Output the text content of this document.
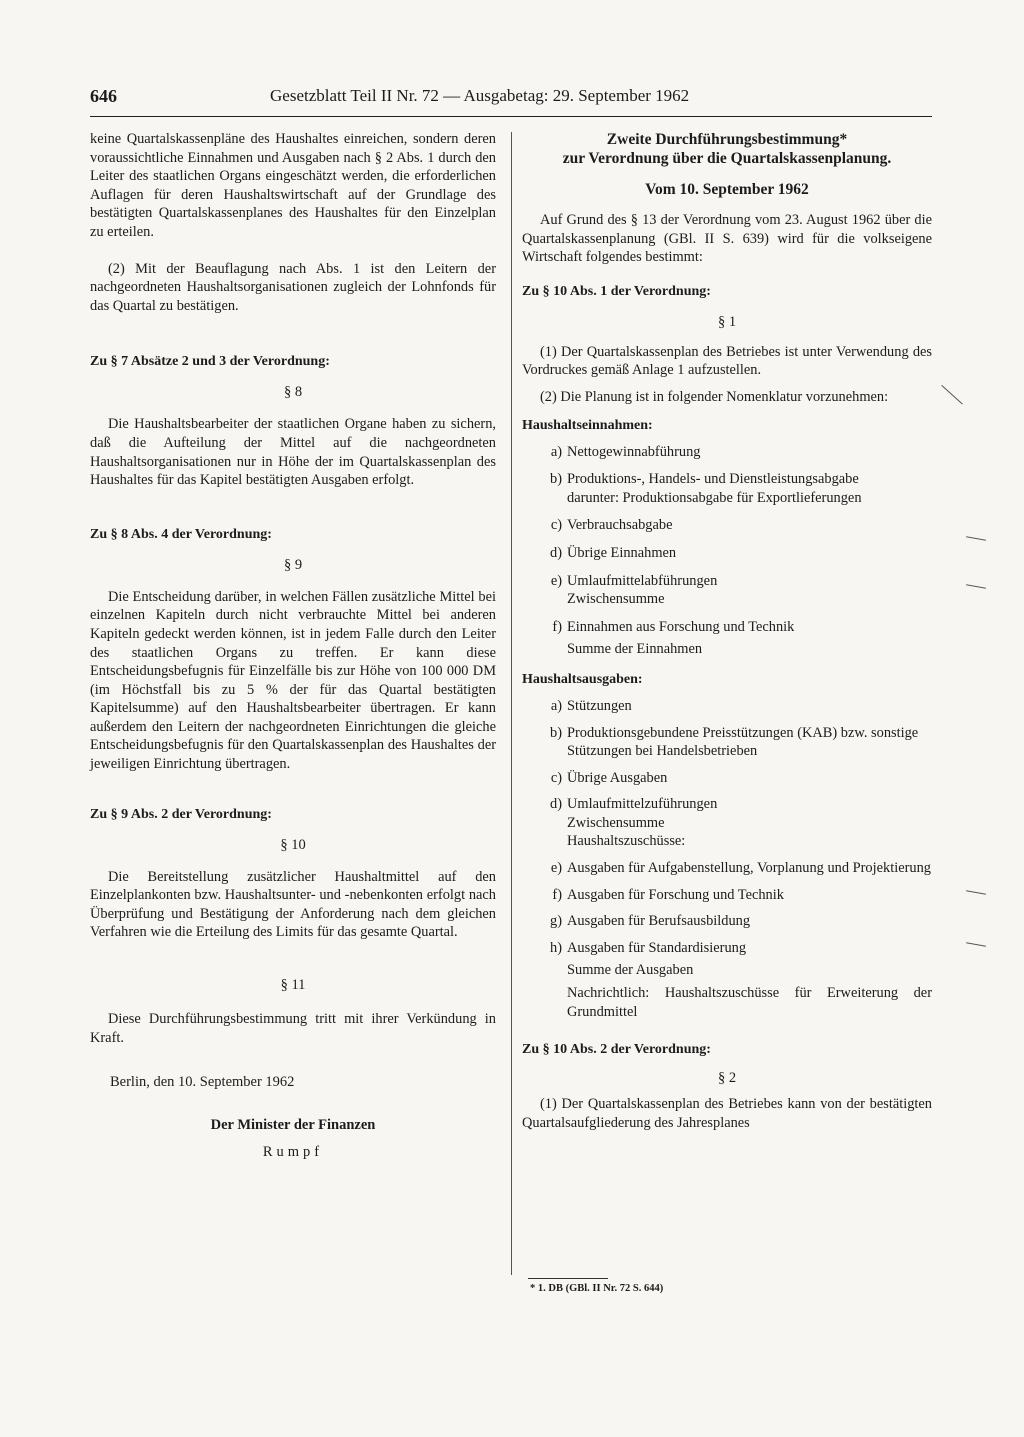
646	Gesetzblatt Teil II Nr. 72 — Ausgabetag: 29. September 1962

keine Quartalskassenpläne des Haushaltes einreichen, sondern deren voraussichtliche Einnahmen und Ausgaben nach § 2 Abs. 1 durch den Leiter des staatlichen Organs eingeschätzt werden, die erforderlichen Auflagen für deren Haushaltswirtschaft auf der Grundlage des bestätigten Quartalskassenplanes des Haushaltes für den Einzelplan zu erteilen.

(2) Mit der Beauflagung nach Abs. 1 ist den Leitern der nachgeordneten Haushaltsorganisationen zugleich der Lohnfonds für das Quartal zu bestätigen.

Zu § 7 Absätze 2 und 3 der Verordnung:

§ 8

Die Haushaltsbearbeiter der staatlichen Organe haben zu sichern, daß die Aufteilung der Mittel auf die nachgeordneten Haushaltsorganisationen nur in Höhe der im Quartalskassenplan des Haushaltes für das Kapitel bestätigten Ausgaben erfolgt.

Zu § 8 Abs. 4 der Verordnung:

§ 9

Die Entscheidung darüber, in welchen Fällen zusätzliche Mittel bei einzelnen Kapiteln durch nicht verbrauchte Mittel bei anderen Kapiteln gedeckt werden können, ist in jedem Falle durch den Leiter des staatlichen Organs zu treffen. Er kann diese Entscheidungsbefugnis für Einzelfälle bis zur Höhe von 100 000 DM (im Höchstfall bis zu 5 % der für das Quartal bestätigten Kapitelsumme) auf den Haushaltsbearbeiter übertragen. Er kann außerdem den Leitern der nachgeordneten Einrichtungen die gleiche Entscheidungsbefugnis für den Quartalskassenplan des Haushaltes der jeweiligen Einrichtung übertragen.

Zu § 9 Abs. 2 der Verordnung:

§ 10

Die Bereitstellung zusätzlicher Haushaltmittel auf den Einzelplankonten bzw. Haushaltsunter- und -nebenkonten erfolgt nach Überprüfung und Bestätigung der Anforderung nach dem gleichen Verfahren wie die Erteilung des Limits für das gesamte Quartal.

§ 11

Diese Durchführungsbestimmung tritt mit ihrer Verkündung in Kraft.

Berlin, den 10. September 1962

Der Minister der Finanzen

Rumpf

Zweite Durchführungsbestimmung*

zur Verordnung über die Quartalskassenplanung.

Vom 10. September 1962

Auf Grund des § 13 der Verordnung vom 23. August 1962 über die Quartalskassenplanung (GBl. II S. 639) wird für die volkseigene Wirtschaft folgendes bestimmt:

Zu § 10 Abs. 1 der Verordnung:

§ 1

(1) Der Quartalskassenplan des Betriebes ist unter Verwendung des Vordruckes gemäß Anlage 1 aufzustellen.

(2) Die Planung ist in folgender Nomenklatur vorzunehmen:

Haushaltseinnahmen:

a) Nettogewinnabführung
b) Produktions-, Handels- und Dienstleistungsabgabe
darunter: Produktionsabgabe für Exportlieferungen
c) Verbrauchsabgabe
d) Übrige Einnahmen
e) Umlaufmittelabführungen
Zwischensumme
f) Einnahmen aus Forschung und Technik
Summe der Einnahmen

Haushaltsausgaben:

a) Stützungen
b) Produktionsgebundene Preisstützungen (KAB) bzw. sonstige Stützungen bei Handelsbetrieben
c) Übrige Ausgaben
d) Umlaufmittelzuführungen
Zwischensumme
Haushaltszuschüsse:
e) Ausgaben für Aufgabenstellung, Vorplanung und Projektierung
f) Ausgaben für Forschung und Technik
g) Ausgaben für Berufsausbildung
h) Ausgaben für Standardisierung
Summe der Ausgaben
Nachrichtlich: Haushaltszuschüsse für Erweiterung der Grundmittel

Zu § 10 Abs. 2 der Verordnung:

§ 2

(1) Der Quartalskassenplan des Betriebes kann von der bestätigten Quartalsaufgliederung des Jahresplanes

* 1. DB (GBl. II Nr. 72 S. 644)
